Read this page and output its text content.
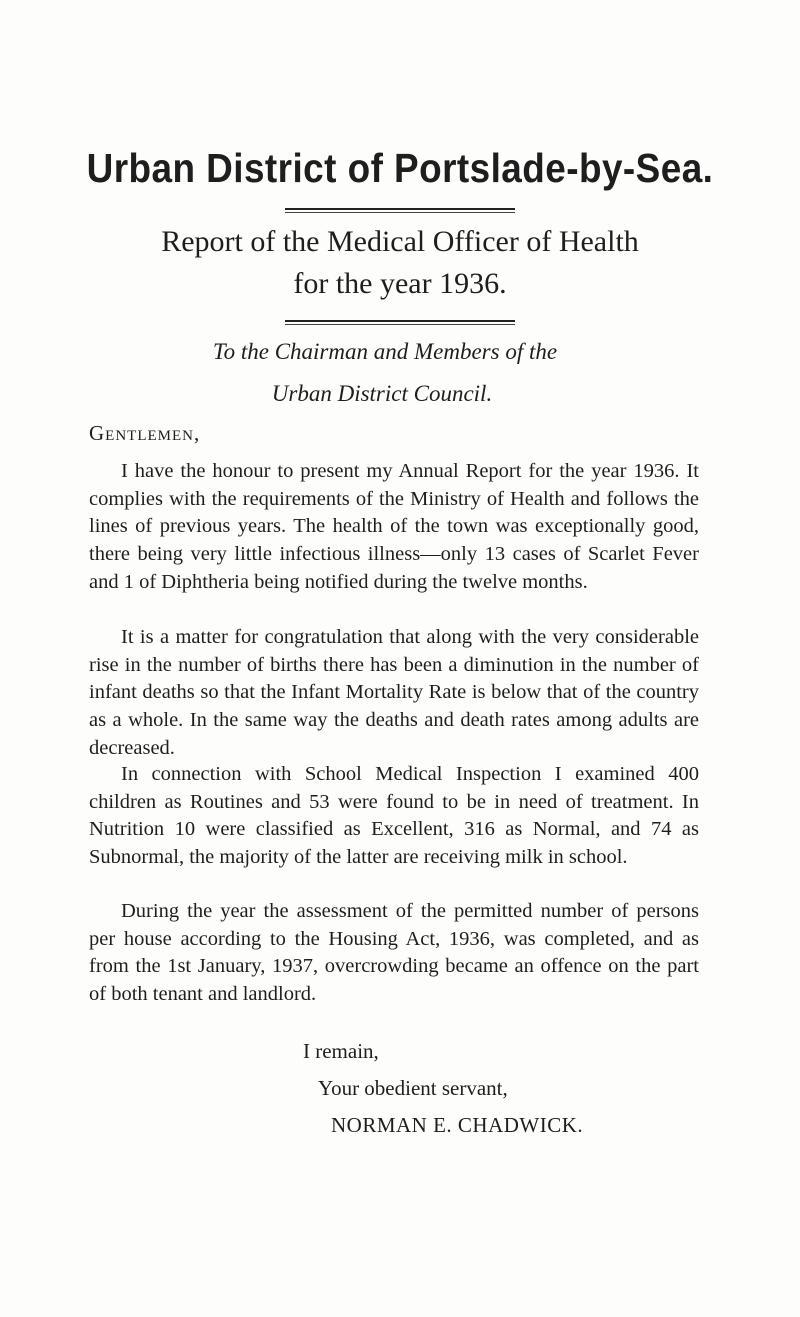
Urban District of Portslade-by-Sea.

Report of the Medical Officer of Health

for the year 1936.

To the Chairman and Members of the

Urban District Council.

Gentlemen,

I have the honour to present my Annual Report for the year 1936. It complies with the requirements of the Ministry of Health and follows the lines of previous years. The health of the town was exceptionally good, there being very little infectious illness—only 13 cases of Scarlet Fever and 1 of Diphtheria being notified during the twelve months.

It is a matter for congratulation that along with the very considerable rise in the number of births there has been a diminution in the number of infant deaths so that the Infant Mortality Rate is below that of the country as a whole. In the same way the deaths and death rates among adults are decreased.

In connection with School Medical Inspection I examined 400 children as Routines and 53 were found to be in need of treatment. In Nutrition 10 were classified as Excellent, 316 as Normal, and 74 as Subnormal, the majority of the latter are receiving milk in school.

During the year the assessment of the permitted number of persons per house according to the Housing Act, 1936, was completed, and as from the 1st January, 1937, overcrowding became an offence on the part of both tenant and landlord.

I remain,

Your obedient servant,

NORMAN E. CHADWICK.
